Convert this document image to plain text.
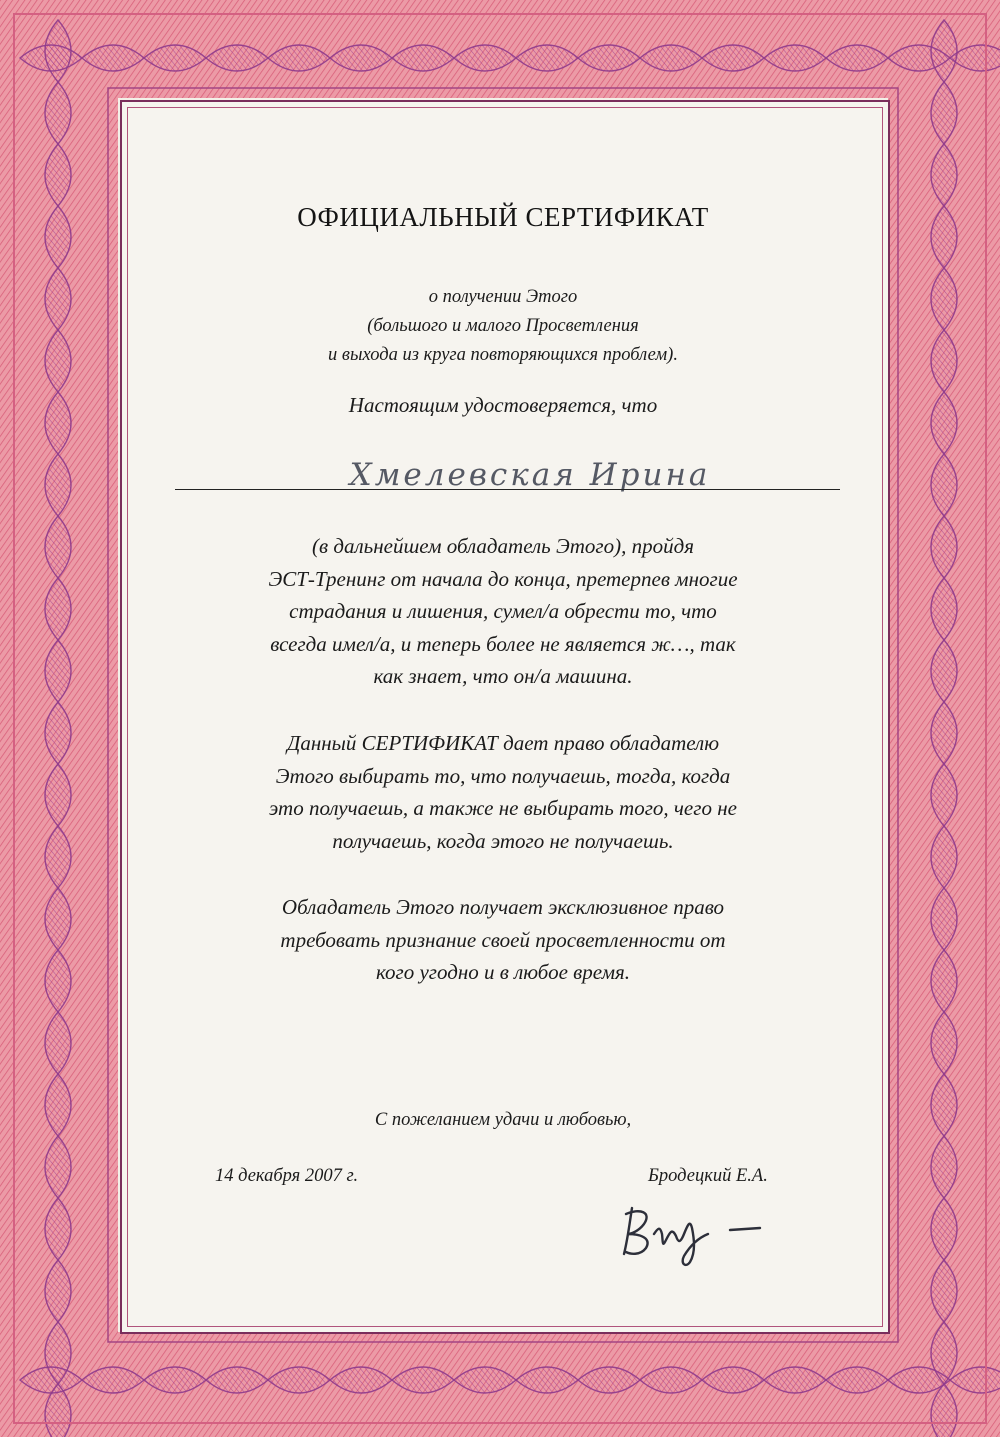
ОФИЦИАЛЬНЫЙ СЕРТИФИКАТ
о получении Этого
(большого и малого Просветления
и выхода из круга повторяющихся проблем).
Настоящим удостоверяется, что
Хмелевская Ирина
(в дальнейшем обладатель Этого), пройдя
ЭСТ-Тренинг от начала до конца, претерпев многие
страдания и лишения, сумел/а обрести то, что
всегда имел/а, и теперь более не является ж…, так
как знает, что он/а машина.
Данный СЕРТИФИКАТ дает право обладателю
Этого выбирать то, что получаешь, тогда, когда
это получаешь, а также не выбирать того, чего не
получаешь, когда этого не получаешь.
Обладатель Этого получает эксклюзивное право
требовать признание своей просветленности от
кого угодно и в любое время.
С пожеланием удачи и любовью,
14 декабря 2007 г.	Бродецкий Е.А.
